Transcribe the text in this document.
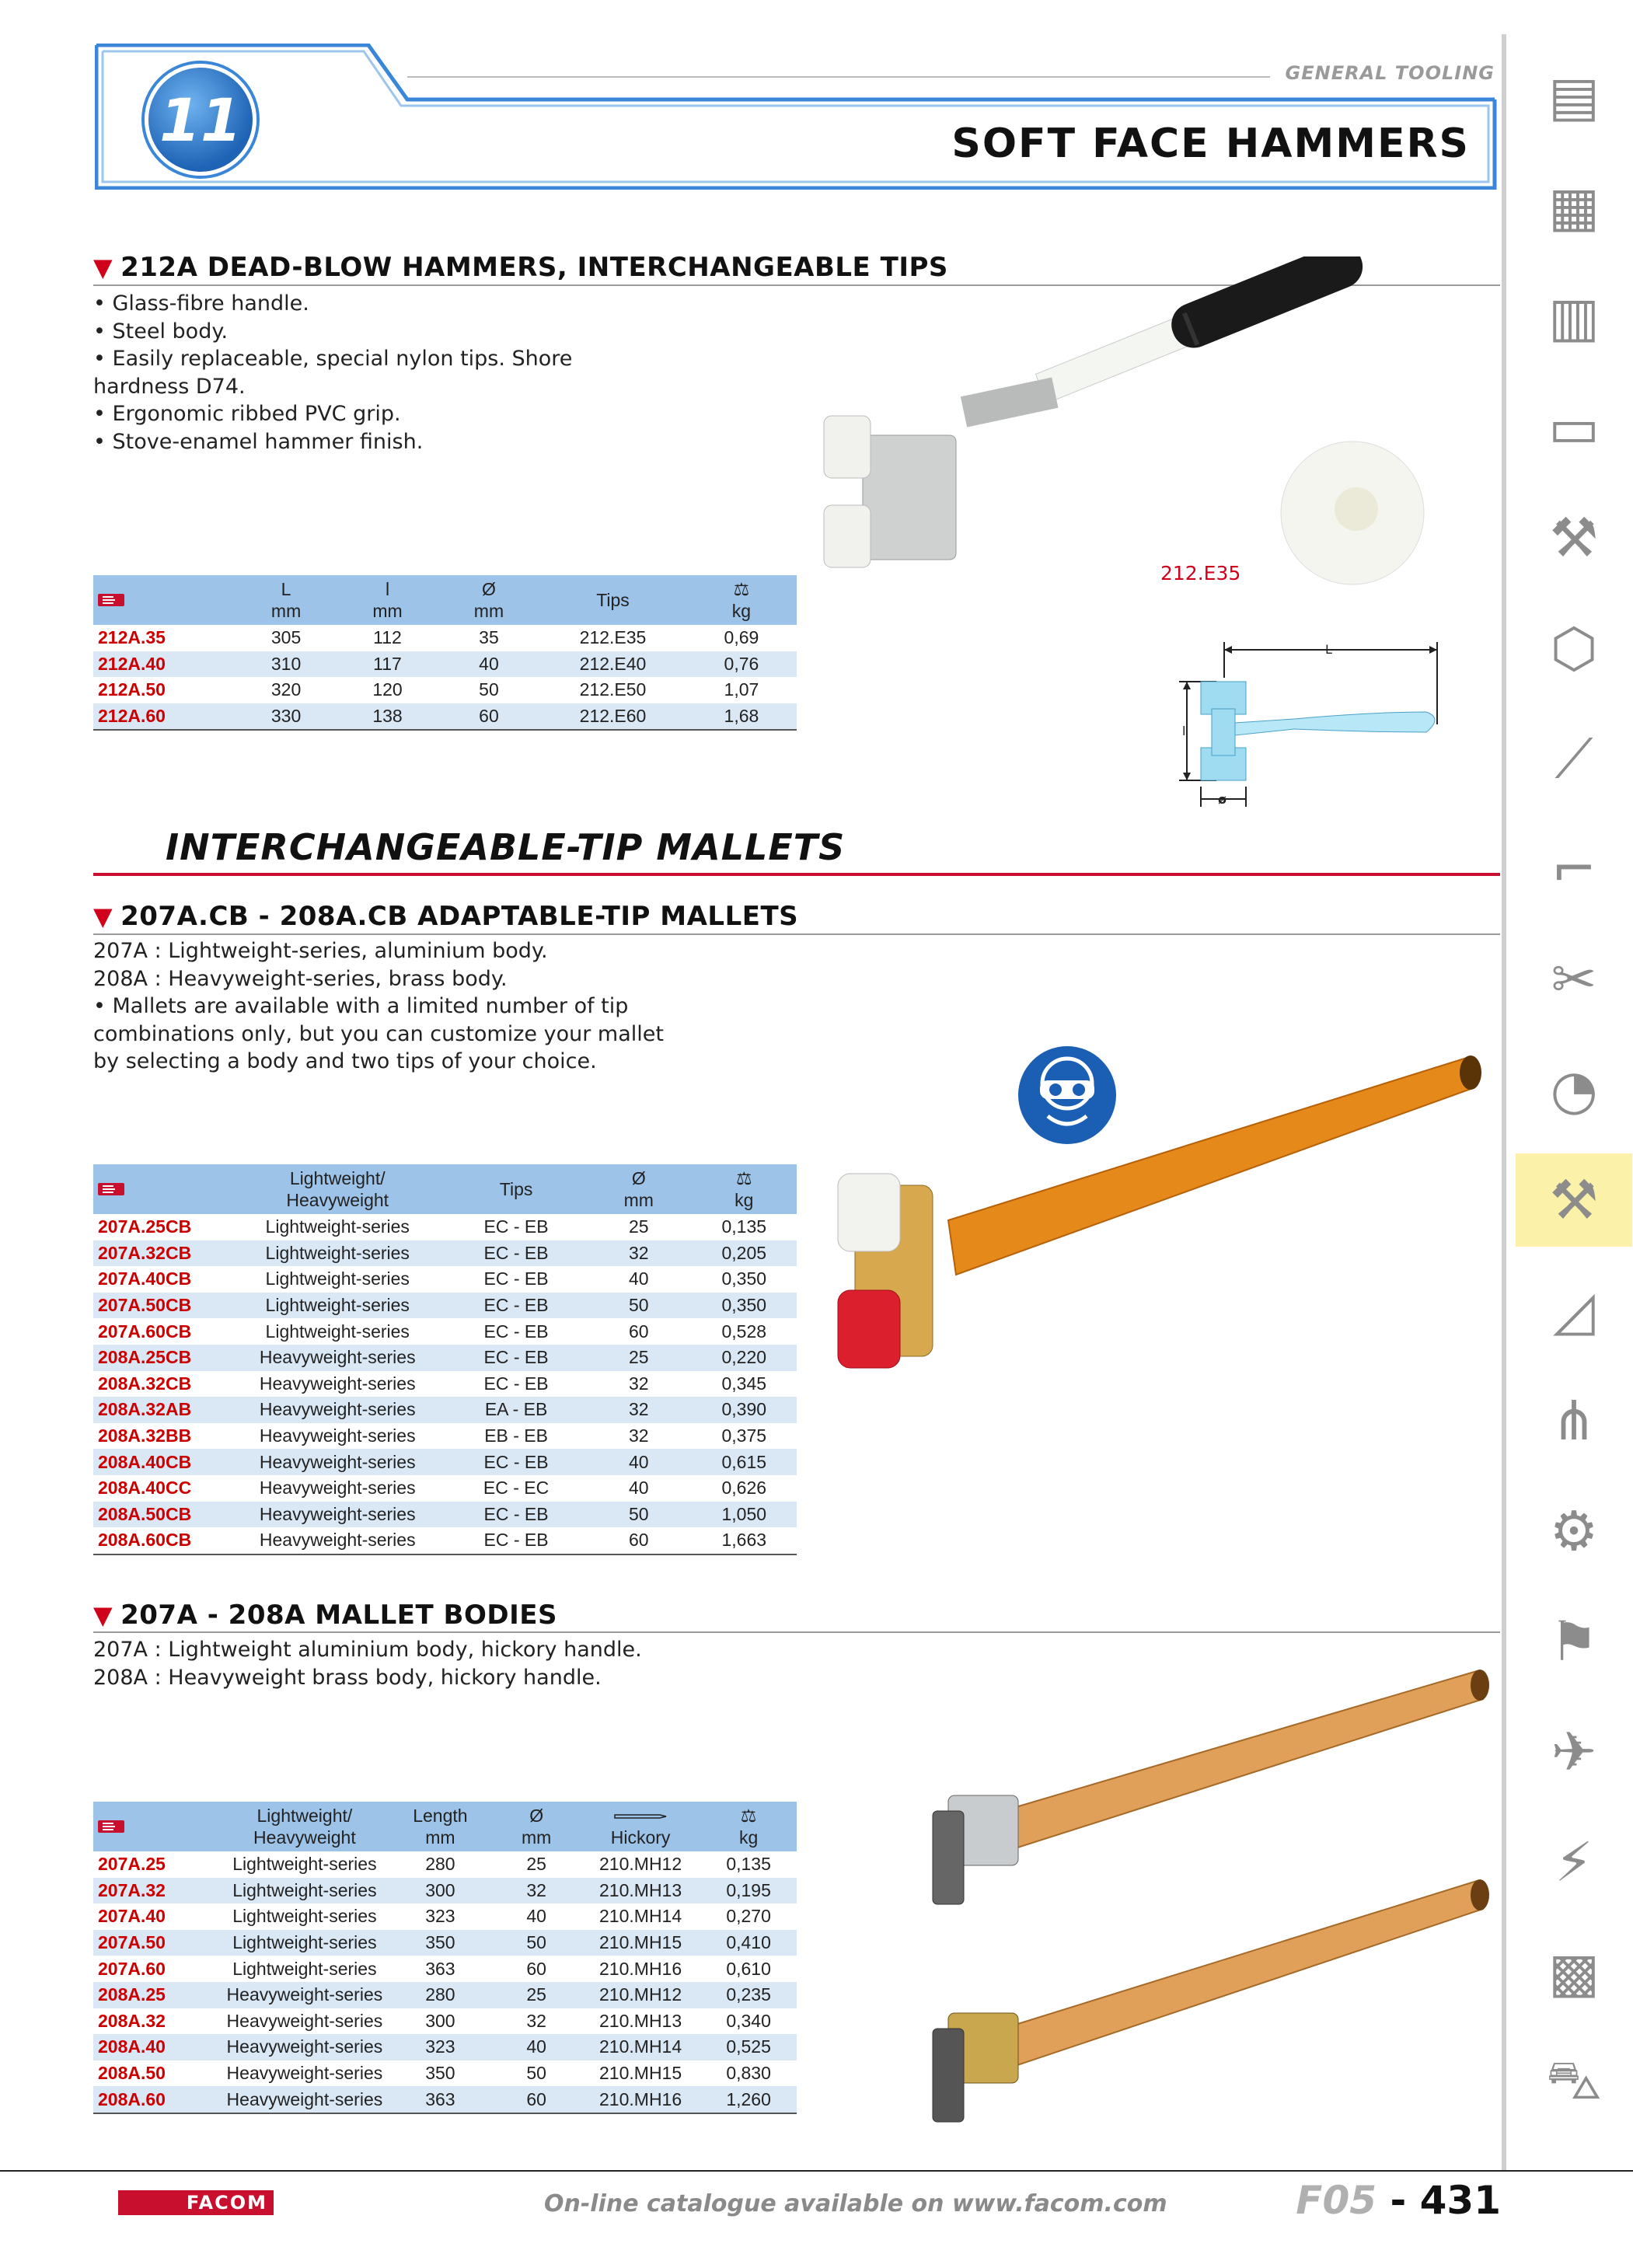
GENERAL TOOLING
11	SOFT FACE HAMMERS
▼ 212A DEAD-BLOW HAMMERS, INTERCHANGEABLE TIPS
• Glass-fibre handle.
• Steel body.
• Easily replaceable, special nylon tips. Shore
hardness D74.
• Ergonomic ribbed PVC grip.
• Stove-enamel hammer finish.
	L
mm	l
mm	Ø
mm	Tips	⚖
kg
212A.35	305	112	35	212.E35	0,69
212A.40	310	117	40	212.E40	0,76
212A.50	320	120	50	212.E50	1,07
212A.60	330	138	60	212.E60	1,68
212.E35
L
l
ø
INTERCHANGEABLE-TIP MALLETS
▼ 207A.CB - 208A.CB ADAPTABLE-TIP MALLETS
207A : Lightweight-series, aluminium body.
208A : Heavyweight-series, brass body.
• Mallets are available with a limited number of tip
combinations only, but you can customize your mallet
by selecting a body and two tips of your choice.
	Lightweight/
Heavyweight	Tips	Ø
mm	⚖
kg
207A.25CB	Lightweight-series	EC - EB	25	0,135
207A.32CB	Lightweight-series	EC - EB	32	0,205
207A.40CB	Lightweight-series	EC - EB	40	0,350
207A.50CB	Lightweight-series	EC - EB	50	0,350
207A.60CB	Lightweight-series	EC - EB	60	0,528
208A.25CB	Heavyweight-series	EC - EB	25	0,220
208A.32CB	Heavyweight-series	EC - EB	32	0,345
208A.32AB	Heavyweight-series	EA - EB	32	0,390
208A.32BB	Heavyweight-series	EB - EB	32	0,375
208A.40CB	Heavyweight-series	EC - EB	40	0,615
208A.40CC	Heavyweight-series	EC - EC	40	0,626
208A.50CB	Heavyweight-series	EC - EB	50	1,050
208A.60CB	Heavyweight-series	EC - EB	60	1,663
▼ 207A - 208A MALLET BODIES
207A : Lightweight aluminium body, hickory handle.
208A : Heavyweight brass body, hickory handle.
	Lightweight/
Heavyweight	Length
mm	Ø
mm	Hickory	⚖
kg
207A.25	Lightweight-series	280	25	210.MH12	0,135
207A.32	Lightweight-series	300	32	210.MH13	0,195
207A.40	Lightweight-series	323	40	210.MH14	0,270
207A.50	Lightweight-series	350	50	210.MH15	0,410
207A.60	Lightweight-series	363	60	210.MH16	0,610
208A.25	Heavyweight-series	280	25	210.MH12	0,235
208A.32	Heavyweight-series	300	32	210.MH13	0,340
208A.40	Heavyweight-series	323	40	210.MH14	0,525
208A.50	Heavyweight-series	350	50	210.MH15	0,830
208A.60	Heavyweight-series	363	60	210.MH16	1,260
▤
▦
▥
▭
⚒
⬡
⟋
⌐
✂
◔
⚒
◿
⋔
⚙
⚑
✈
⚡
▩
⛍
FACOM	On-line catalogue available on www.facom.com	F05 - 431
